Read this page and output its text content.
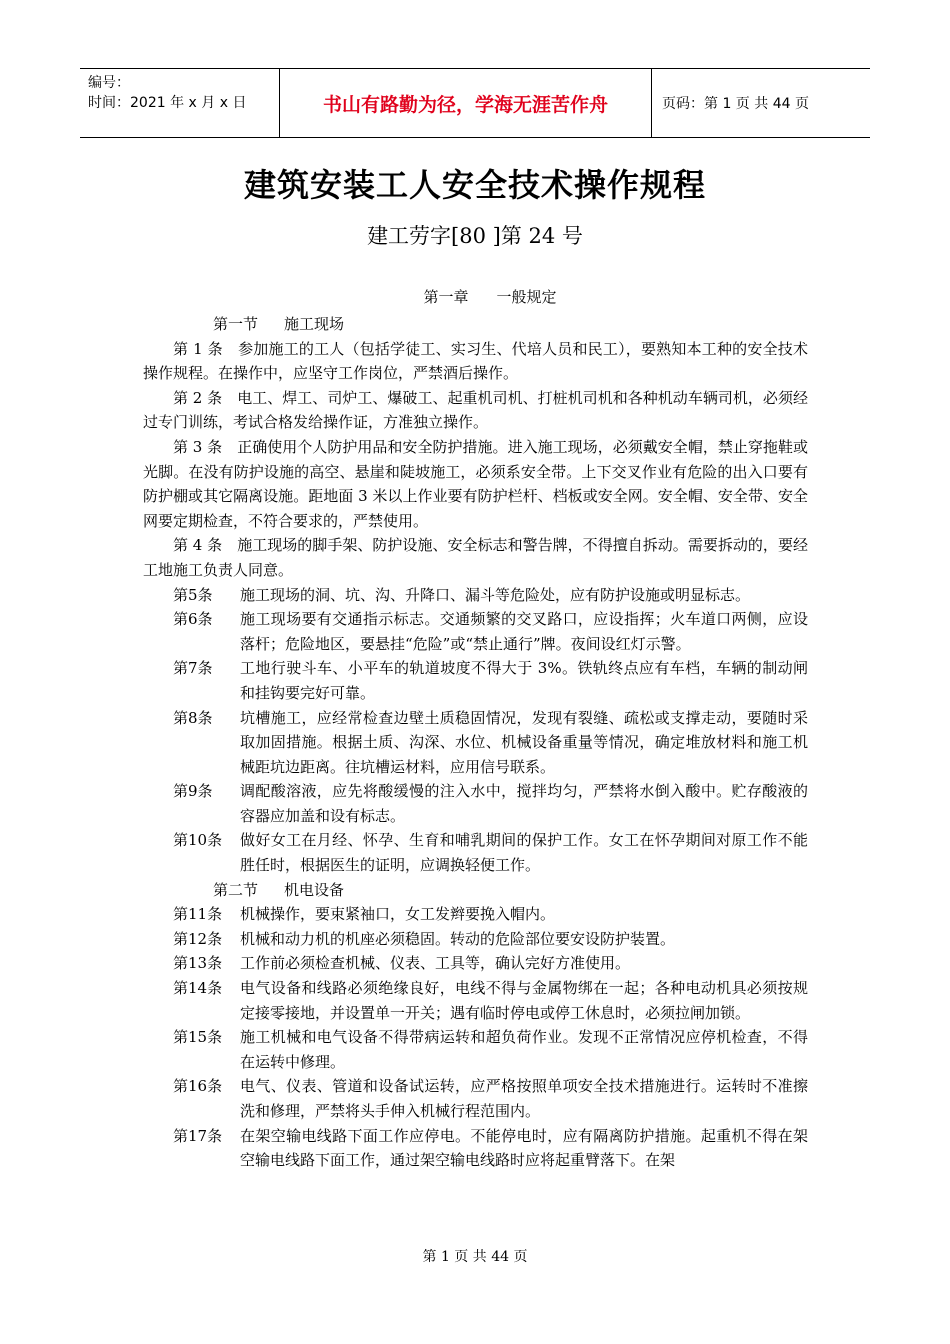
编号：
时间：2021 年 x 月 x 日	书山有路勤为径，学海无涯苦作舟	页码：第 1 页 共 44 页
建筑安装工人安全技术操作规程
建工劳字[80 ]第 24 号
第一章 一般规定
第一节 施工现场

第 1 条　 参加施工的工人（包括学徒工、实习生、代培人员和民工），要熟知本工种的安全技术操作规程。在操作中，应坚守工作岗位，严禁酒后操作。

第 2 条　 电工、焊工、司炉工、爆破工、起重机司机、打桩机司机和各种机动车辆司机，必须经过专门训练，考试合格发给操作证，方准独立操作。

第 3 条　 正确使用个人防护用品和安全防护措施。进入施工现场，必须戴安全帽，禁止穿拖鞋或光脚。在没有防护设施的高空、悬崖和陡坡施工，必须系安全带。上下交叉作业有危险的出入口要有防护棚或其它隔离设施。距地面 3 米以上作业要有防护栏杆、档板或安全网。安全帽、安全带、安全网要定期检查，不符合要求的，严禁使用。

第 4 条　 施工现场的脚手架、防护设施、安全标志和警告牌，不得擅自拆动。需要拆动的，要经工地施工负责人同意。

第5条	施工现场的洞、坑、沟、升降口、漏斗等危险处，应有防护设施或明显标志。
第6条	施工现场要有交通指示标志。交通频繁的交叉路口，应设指挥；火车道口两侧，应设落杆；危险地区，要悬挂“危险”或“禁止通行”牌。夜间设红灯示警。
第7条	工地行驶斗车、小平车的轨道坡度不得大于 3%。铁轨终点应有车档，车辆的制动闸和挂钩要完好可靠。
第8条	坑槽施工，应经常检查边壁土质稳固情况，发现有裂缝、疏松或支撑走动，要随时采取加固措施。根据土质、沟深、水位、机械设备重量等情况，确定堆放材料和施工机械距坑边距离。往坑槽运材料，应用信号联系。
第9条	调配酸溶液，应先将酸缓慢的注入水中，搅拌均匀，严禁将水倒入酸中。贮存酸液的容器应加盖和设有标志。
第10条	做好女工在月经、怀孕、生育和哺乳期间的保护工作。女工在怀孕期间对原工作不能胜任时，根据医生的证明，应调换轻便工作。
第二节 机电设备
第11条	机械操作，要束紧袖口，女工发辫要挽入帽内。
第12条	机械和动力机的机座必须稳固。转动的危险部位要安设防护装置。
第13条	工作前必须检查机械、仪表、工具等，确认完好方准使用。
第14条	电气设备和线路必须绝缘良好，电线不得与金属物绑在一起；各种电动机具必须按规定接零接地，并设置单一开关；遇有临时停电或停工休息时，必须拉闸加锁。
第15条	施工机械和电气设备不得带病运转和超负荷作业。发现不正常情况应停机检查，不得在运转中修理。
第16条	电气、仪表、管道和设备试运转，应严格按照单项安全技术措施进行。运转时不准擦洗和修理，严禁将头手伸入机械行程范围内。
第17条	在架空输电线路下面工作应停电。不能停电时，应有隔离防护措施。起重机不得在架空输电线路下面工作，通过架空输电线路时应将起重臂落下。在架
第 1 页 共 44 页
